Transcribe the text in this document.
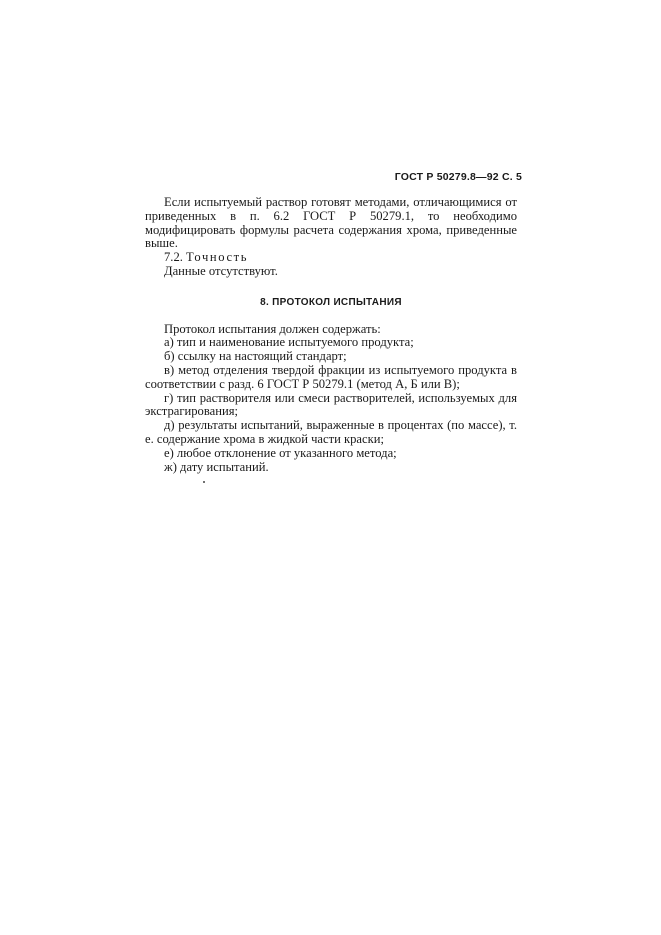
ГОСТ Р 50279.8—92 С. 5

Если испытуемый раствор готовят методами, отличающимися от приведенных в п. 6.2 ГОСТ Р 50279.1, то необходимо модифицировать формулы расчета содержания хрома, приведенные выше.

7.2. Точность

Данные отсутствуют.

8. ПРОТОКОЛ ИСПЫТАНИЯ

Протокол испытания должен содержать:

а) тип и наименование испытуемого продукта;

б) ссылку на настоящий стандарт;

в) метод отделения твердой фракции из испытуемого продукта в соответствии с разд. 6 ГОСТ Р 50279.1 (метод А, Б или В);

г) тип растворителя или смеси растворителей, используемых для экстрагирования;

д) результаты испытаний, выраженные в процентах (по массе), т. е. содержание хрома в жидкой части краски;

е) любое отклонение от указанного метода;

ж) дату испытаний.
